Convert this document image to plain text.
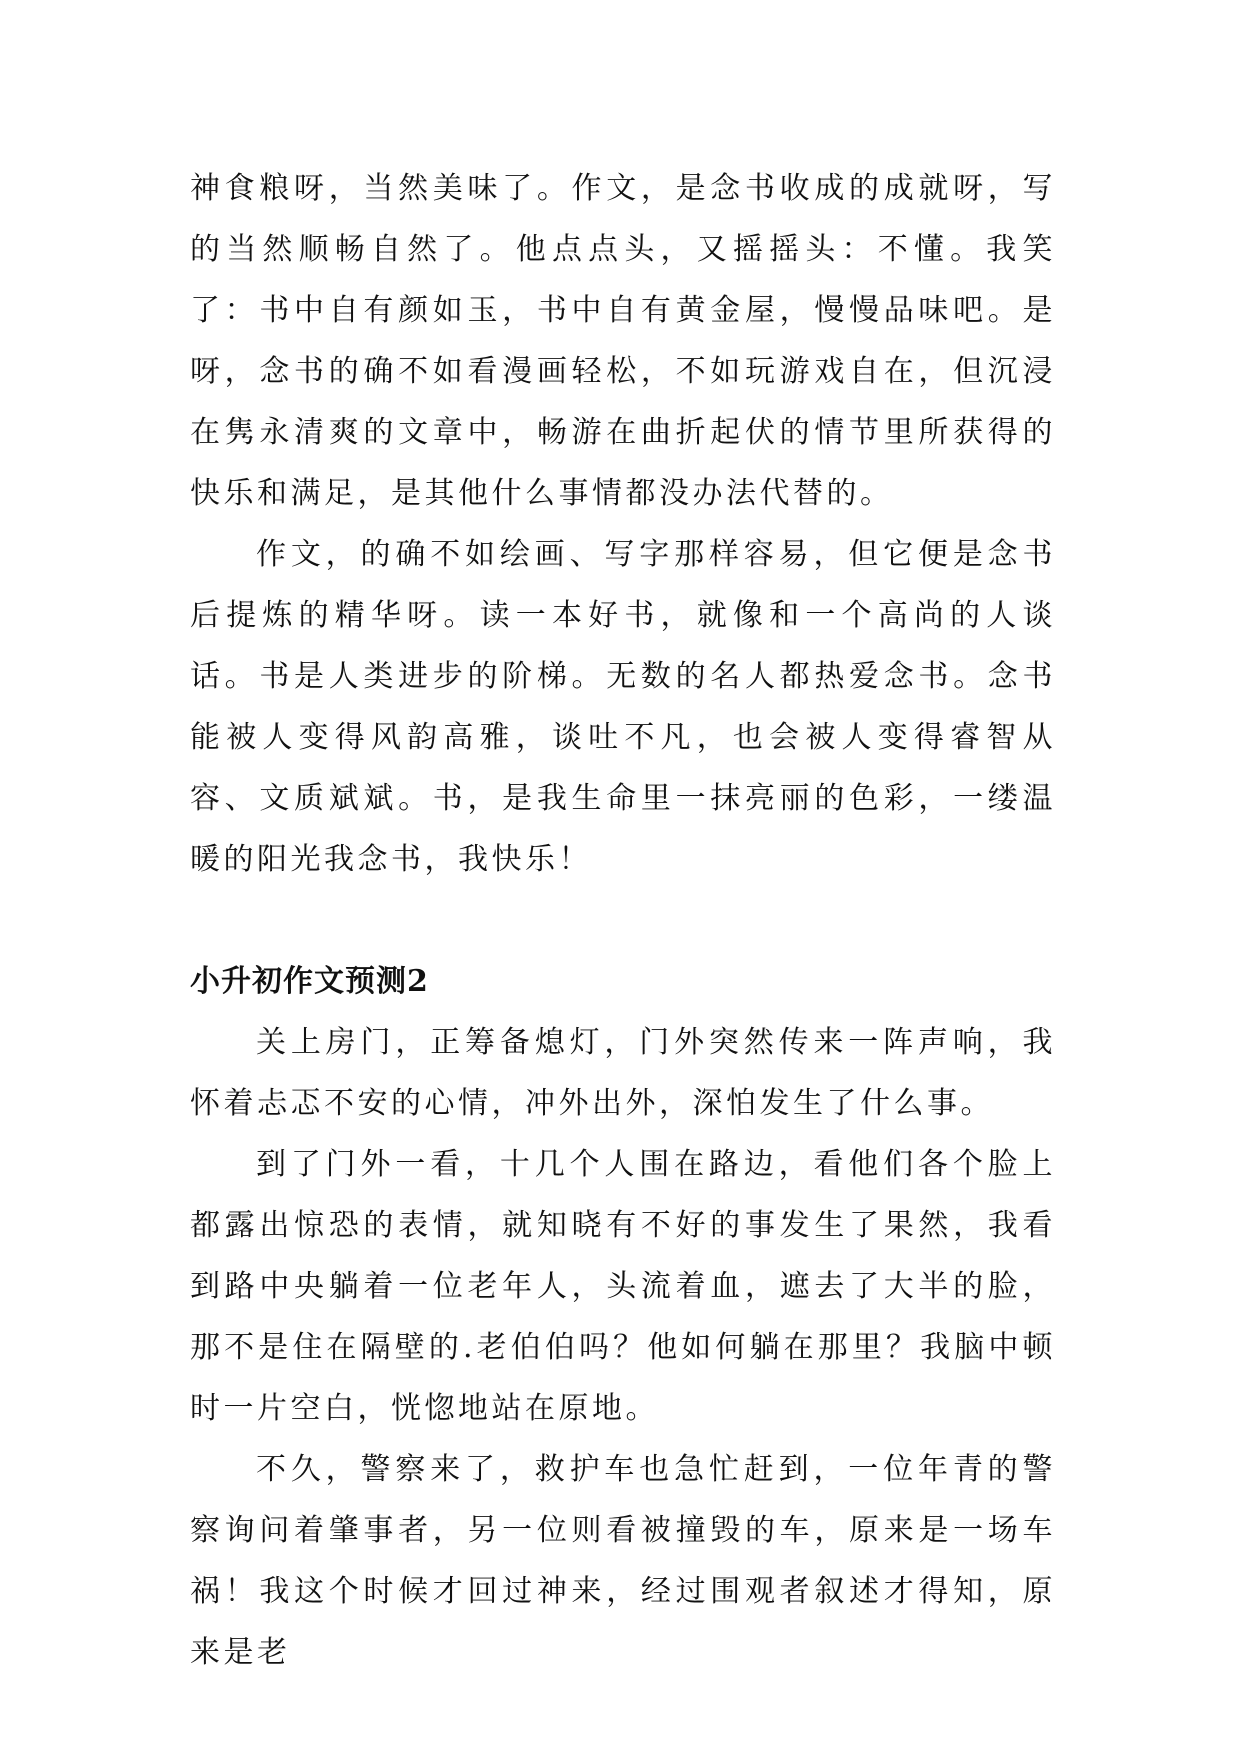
神食粮呀，当然美味了。作文，是念书收成的成就呀，写的当然顺畅自然了。他点点头，又摇摇头：不懂。我笑了：书中自有颜如玉，书中自有黄金屋，慢慢品味吧。是呀，念书的确不如看漫画轻松，不如玩游戏自在，但沉浸在隽永清爽的文章中，畅游在曲折起伏的情节里所获得的快乐和满足，是其他什么事情都没办法代替的。

作文，的确不如绘画、写字那样容易，但它便是念书后提炼的精华呀。读一本好书，就像和一个高尚的人谈话。书是人类进步的阶梯。无数的名人都热爱念书。念书能被人变得风韵高雅，谈吐不凡，也会被人变得睿智从容、文质斌斌。书，是我生命里一抹亮丽的色彩，一缕温暖的阳光我念书，我快乐！

小升初作文预测2

关上房门，正筹备熄灯，门外突然传来一阵声响，我怀着忐忑不安的心情，冲外出外，深怕发生了什么事。

到了门外一看，十几个人围在路边，看他们各个脸上都露出惊恐的表情，就知晓有不好的事发生了果然，我看到路中央躺着一位老年人，头流着血，遮去了大半的脸，那不是住在隔壁的.老伯伯吗？他如何躺在那里？我脑中顿时一片空白，恍惚地站在原地。

不久，警察来了，救护车也急忙赶到，一位年青的警察询问着肇事者，另一位则看被撞毁的车，原来是一场车祸！我这个时候才回过神来，经过围观者叙述才得知，原来是老
